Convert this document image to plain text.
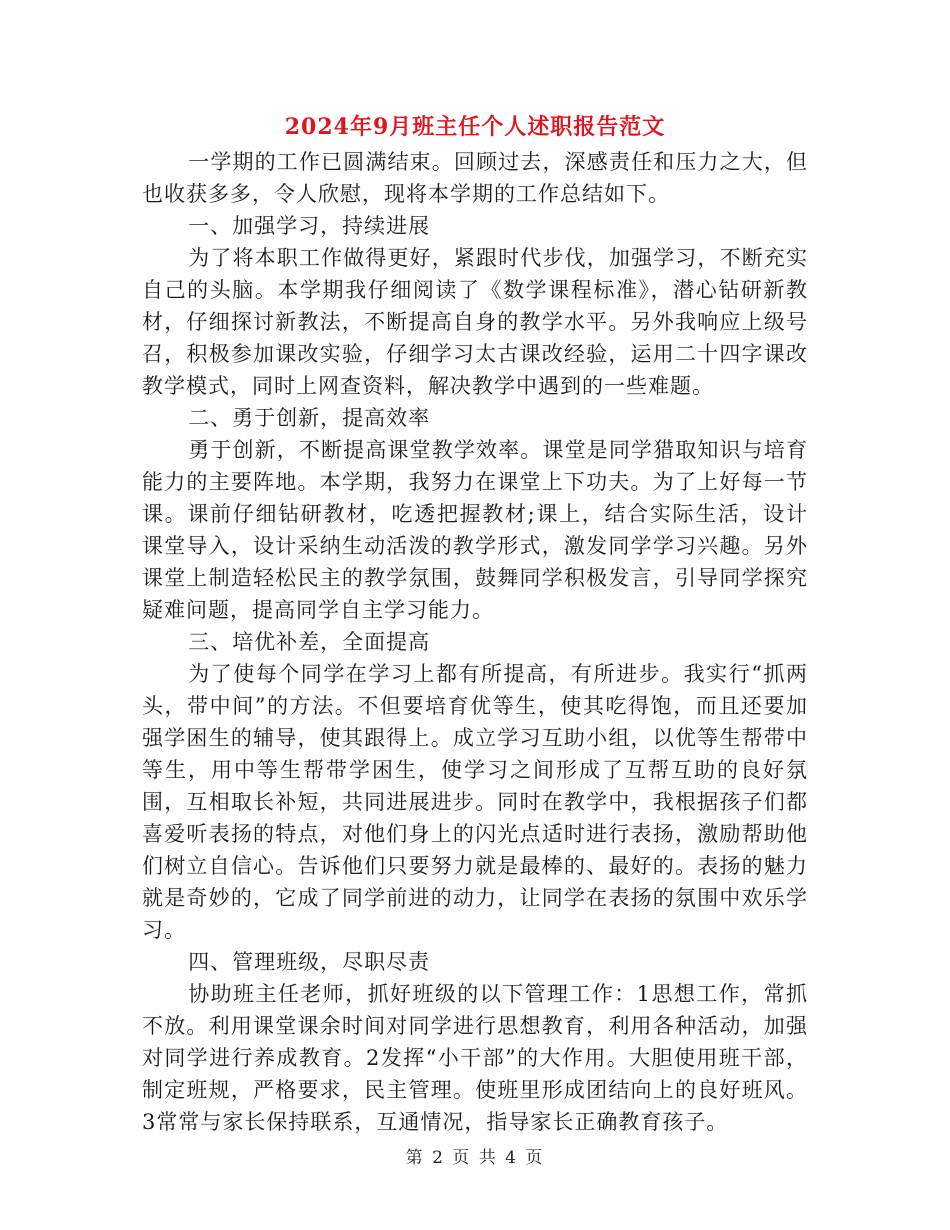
2024年9月班主任个人述职报告范文

一学期的工作已圆满结束。回顾过去，深感责任和压力之大，但也收获多多，令人欣慰，现将本学期的工作总结如下。

一、加强学习，持续进展

为了将本职工作做得更好，紧跟时代步伐，加强学习，不断充实自己的头脑。本学期我仔细阅读了《数学课程标准》，潜心钻研新教材，仔细探讨新教法，不断提高自身的教学水平。另外我响应上级号召，积极参加课改实验，仔细学习太古课改经验，运用二十四字课改教学模式，同时上网查资料，解决教学中遇到的一些难题。

二、勇于创新，提高效率

勇于创新，不断提高课堂教学效率。课堂是同学猎取知识与培育能力的主要阵地。本学期，我努力在课堂上下功夫。为了上好每一节课。课前仔细钻研教材，吃透把握教材;课上，结合实际生活，设计课堂导入，设计采纳生动活泼的教学形式，激发同学学习兴趣。另外课堂上制造轻松民主的教学氛围，鼓舞同学积极发言，引导同学探究疑难问题，提高同学自主学习能力。

三、培优补差，全面提高

为了使每个同学在学习上都有所提高，有所进步。我实行“抓两头，带中间”的方法。不但要培育优等生，使其吃得饱，而且还要加强学困生的辅导，使其跟得上。成立学习互助小组，以优等生帮带中等生，用中等生帮带学困生，使学习之间形成了互帮互助的良好氛围，互相取长补短，共同进展进步。同时在教学中，我根据孩子们都喜爱听表扬的特点，对他们身上的闪光点适时进行表扬，激励帮助他们树立自信心。告诉他们只要努力就是最棒的、最好的。表扬的魅力就是奇妙的，它成了同学前进的动力，让同学在表扬的氛围中欢乐学习。

四、管理班级，尽职尽责

协助班主任老师，抓好班级的以下管理工作：1思想工作，常抓不放。利用课堂课余时间对同学进行思想教育，利用各种活动，加强对同学进行养成教育。2发挥“小干部”的大作用。大胆使用班干部，制定班规，严格要求，民主管理。使班里形成团结向上的良好班风。3常常与家长保持联系，互通情况，指导家长正确教育孩子。

第 2 页 共 4 页
